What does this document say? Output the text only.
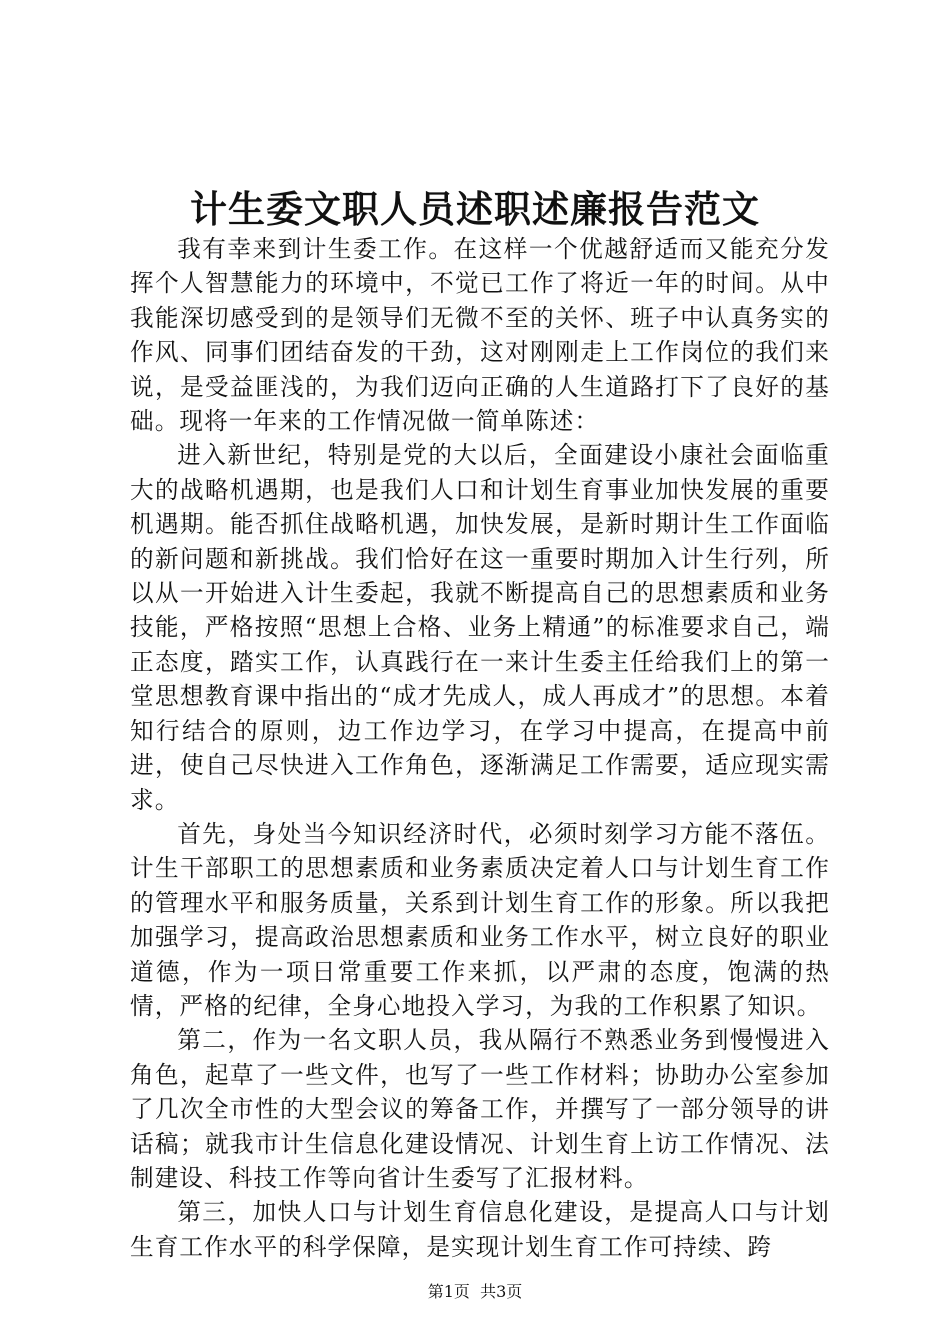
计生委文职人员述职述廉报告范文

我有幸来到计生委工作。在这样一个优越舒适而又能充分发挥个人智慧能力的环境中，不觉已工作了将近一年的时间。从中我能深切感受到的是领导们无微不至的关怀、班子中认真务实的作风、同事们团结奋发的干劲，这对刚刚走上工作岗位的我们来说，是受益匪浅的，为我们迈向正确的人生道路打下了良好的基础。现将一年来的工作情况做一简单陈述：

进入新世纪，特别是党的大以后，全面建设小康社会面临重大的战略机遇期，也是我们人口和计划生育事业加快发展的重要机遇期。能否抓住战略机遇，加快发展，是新时期计生工作面临的新问题和新挑战。我们恰好在这一重要时期加入计生行列，所以从一开始进入计生委起，我就不断提高自己的思想素质和业务技能，严格按照“思想上合格、业务上精通”的标准要求自己，端正态度，踏实工作，认真践行在一来计生委主任给我们上的第一堂思想教育课中指出的“成才先成人，成人再成才”的思想。本着知行结合的原则，边工作边学习，在学习中提高，在提高中前进，使自己尽快进入工作角色，逐渐满足工作需要，适应现实需求。

首先，身处当今知识经济时代，必须时刻学习方能不落伍。计生干部职工的思想素质和业务素质决定着人口与计划生育工作的管理水平和服务质量，关系到计划生育工作的形象。所以我把加强学习，提高政治思想素质和业务工作水平，树立良好的职业道德，作为一项日常重要工作来抓，以严肃的态度，饱满的热情，严格的纪律，全身心地投入学习，为我的工作积累了知识。

第二，作为一名文职人员，我从隔行不熟悉业务到慢慢进入角色，起草了一些文件，也写了一些工作材料；协助办公室参加了几次全市性的大型会议的筹备工作，并撰写了一部分领导的讲话稿；就我市计生信息化建设情况、计划生育上访工作情况、法制建设、科技工作等向省计生委写了汇报材料。

第三，加快人口与计划生育信息化建设，是提高人口与计划生育工作水平的科学保障，是实现计划生育工作可持续、跨

第1页 共3页
